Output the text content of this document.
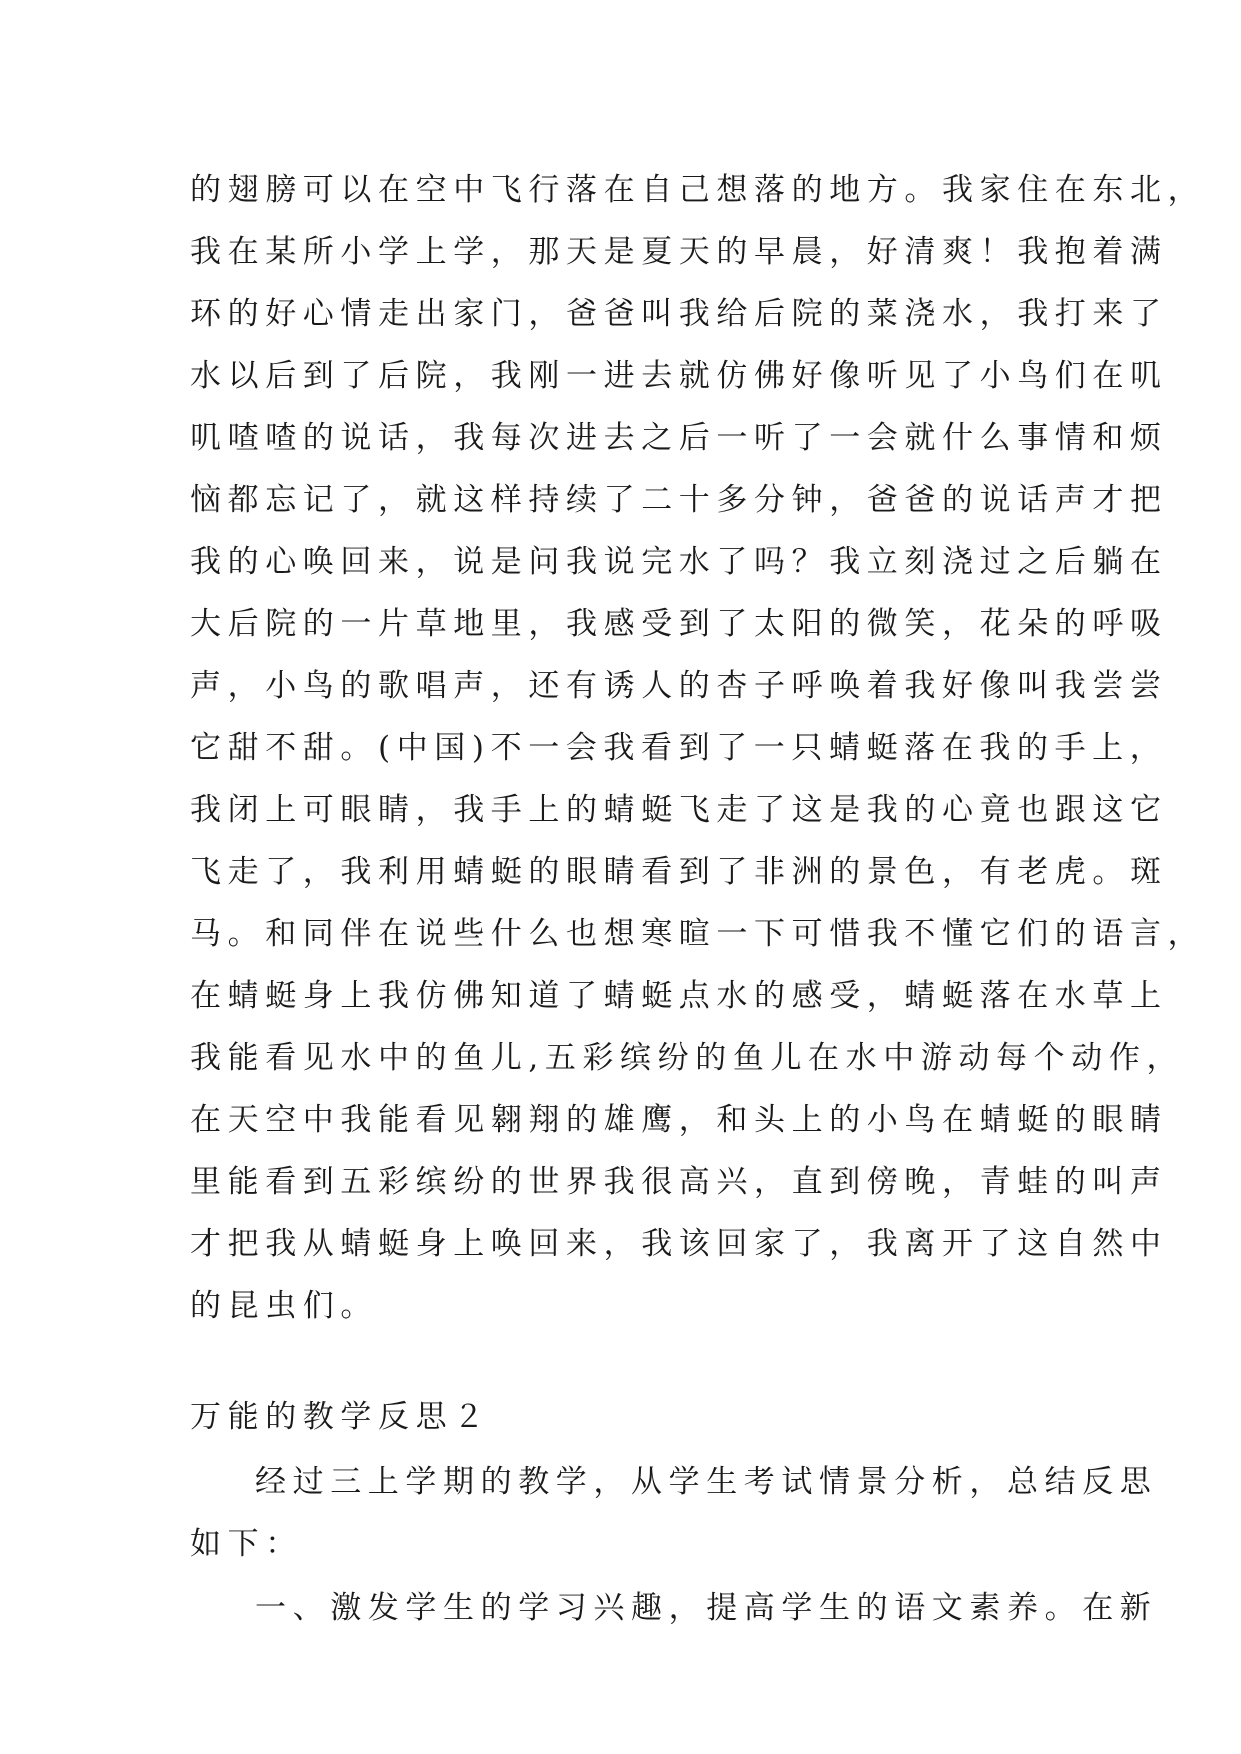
的翅膀可以在空中飞行落在自己想落的地方。我家住在东北，
我在某所小学上学，那天是夏天的早晨，好清爽！我抱着满
环的好心情走出家门，爸爸叫我给后院的菜浇水，我打来了
水以后到了后院，我刚一进去就仿佛好像听见了小鸟们在叽
叽喳喳的说话，我每次进去之后一听了一会就什么事情和烦
恼都忘记了，就这样持续了二十多分钟，爸爸的说话声才把
我的心唤回来，说是问我说完水了吗？我立刻浇过之后躺在
大后院的一片草地里，我感受到了太阳的微笑，花朵的呼吸
声，小鸟的歌唱声，还有诱人的杏子呼唤着我好像叫我尝尝
它甜不甜。(中国)不一会我看到了一只蜻蜓落在我的手上，
我闭上可眼睛，我手上的蜻蜓飞走了这是我的心竟也跟这它
飞走了，我利用蜻蜓的眼睛看到了非洲的景色，有老虎。斑
马。和同伴在说些什么也想寒暄一下可惜我不懂它们的语言，
在蜻蜓身上我仿佛知道了蜻蜓点水的感受，蜻蜓落在水草上
我能看见水中的鱼儿,五彩缤纷的鱼儿在水中游动每个动作，
在天空中我能看见翱翔的雄鹰，和头上的小鸟在蜻蜓的眼睛
里能看到五彩缤纷的世界我很高兴，直到傍晚，青蛙的叫声
才把我从蜻蜓身上唤回来，我该回家了，我离开了这自然中
的昆虫们。
万能的教学反思２
经过三上学期的教学，从学生考试情景分析，总结反思
如下：
一、激发学生的学习兴趣，提高学生的语文素养。在新
